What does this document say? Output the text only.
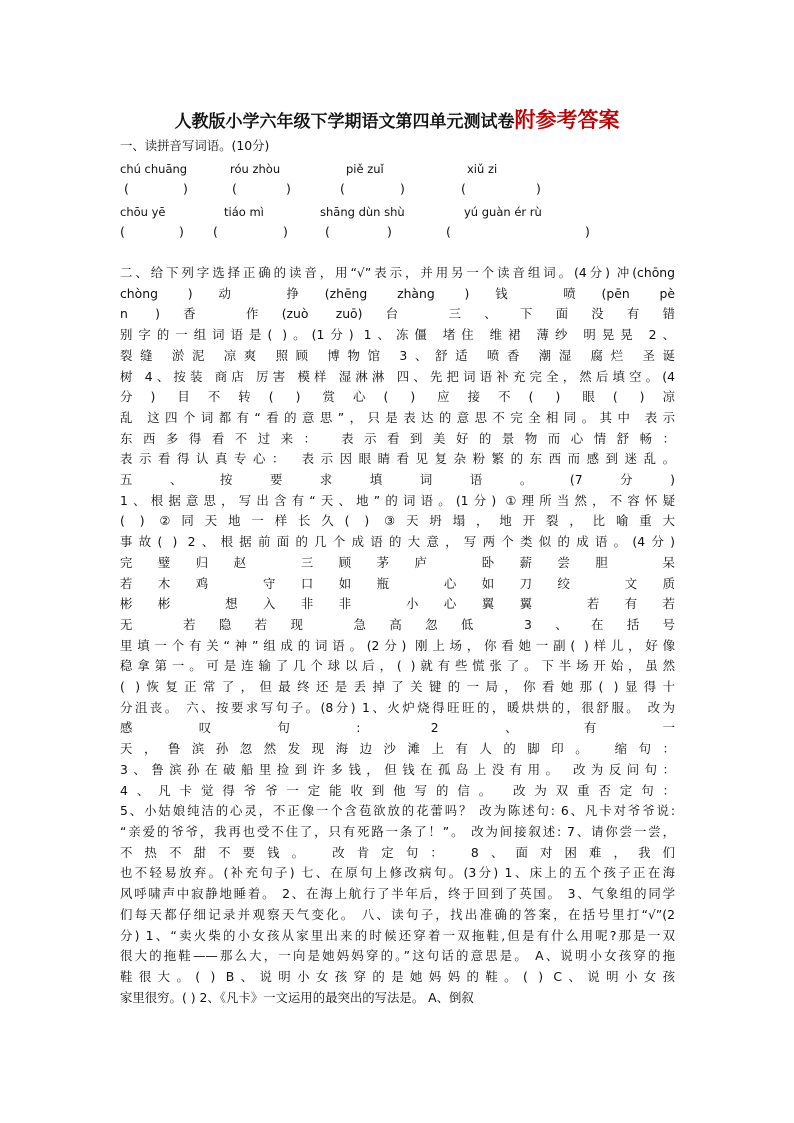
人教版小学六年级下学期语文第四单元测试卷附参考答案
一、读拼音写词语。(10分)
chú chuāng	róu zhòu	piě zuǐ	xiǔ zi
(	)	(	)	(	)	(	)
chōu yē	tiáo mì	shāng dùn shù	yú guàn ér rù
(	) (	)	(	)	(	)
二、给下列字选择正确的读音，用“√”表示，并用另一个读音组词。(4分) 冲(chōng
chòng )动 挣(zhēng zhàng )钱 喷(pēn pè
n )香 作(zuò zuō)台 三、下面没有错
别字的一组词语是( )。(1分) 1、冻僵 堵住 维裙 薄纱 明晃晃 2、
裂缝 淤泥 凉爽 照顾 博物馆 3、舒适 喷香 潮湿 腐烂 圣诞
树 4、按装 商店 厉害 模样 湿淋淋 四、先把词语补充完全，然后填空。(4
分) 目不转( ) 赏心( ) 应接不( ) 眼( )凉
乱 这四个词都有“看的意思”，只是表达的意思不完全相同。其中 表示
东西多得看不过来： 表示看到美好的景物而心情舒畅：
表示看得认真专心： 表示因眼睛看见复杂粉繁的东西而感到迷乱。
五、按要求填词语。(7分)
1、根据意思，写出含有“天、地”的词语。(1分) ①理所当然，不容怀疑
( ) ②同天地一样长久( ) ③天坍塌，地开裂，比喻重大
事故( ) 2、根据前面的几个成语的大意，写两个类似的成语。(4分)
完璧归赵 三顾茅庐 卧薪尝胆 呆
若木鸡 守口如瓶 心如刀绞 文质
彬彬 想入非非 小心翼翼 若有若
无 若隐若现 急高忽低 3、在括号
里填一个有关“神”组成的词语。(2分) 刚上场，你看她一副( )样儿，好像
稳拿第一。可是连输了几个球以后，( )就有些慌张了。下半场开始，虽然
( )恢复正常了，但最终还是丢掉了关键的一局，你看她那( )显得十
分沮丧。 六、按要求写句子。(8分) 1、火炉烧得旺旺的，暖烘烘的，很舒服。 改为
感叹句: 2、有一
天，鲁滨孙忽然发现海边沙滩上有人的脚印。 缩句：
3、鲁滨孙在破船里捡到许多钱，但钱在孤岛上没有用。 改为反问句：
4、凡卡觉得爷爷一定能收到他写的信。 改为双重否定句：
5、小姑娘纯洁的心灵，不正像一个含苞欲放的花蕾吗？ 改为陈述句: 6、凡卡对爷爷说:
“亲爱的爷爷，我再也受不住了，只有死路一条了！”。 改为间接叙述: 7、请你尝一尝，
不热不甜不要钱。 改肯定句： 8、面对困难，我们
也不轻易放弃。(补充句子) 七、在原句上修改病句。(3分) 1、床上的五个孩子正在海
风呼啸声中寂静地睡着。 2、在海上航行了半年后，终于回到了英国。 3、气象组的同学
们每天都仔细记录并观察天气变化。 八、读句子，找出准确的答案，在括号里打“√”(2
分) 1、“卖火柴的小女孩从家里出来的时候还穿着一双拖鞋,但是有什么用呢?那是一双
很大的拖鞋——那么大，一向是她妈妈穿的。”这句话的意思是。 A、说明小女孩穿的拖
鞋很大。( ) B、说明小女孩穿的是她妈妈的鞋。( ) C、说明小女孩
家里很穷。( ) 2、《凡卡》一文运用的最突出的写法是。 A、倒叙
